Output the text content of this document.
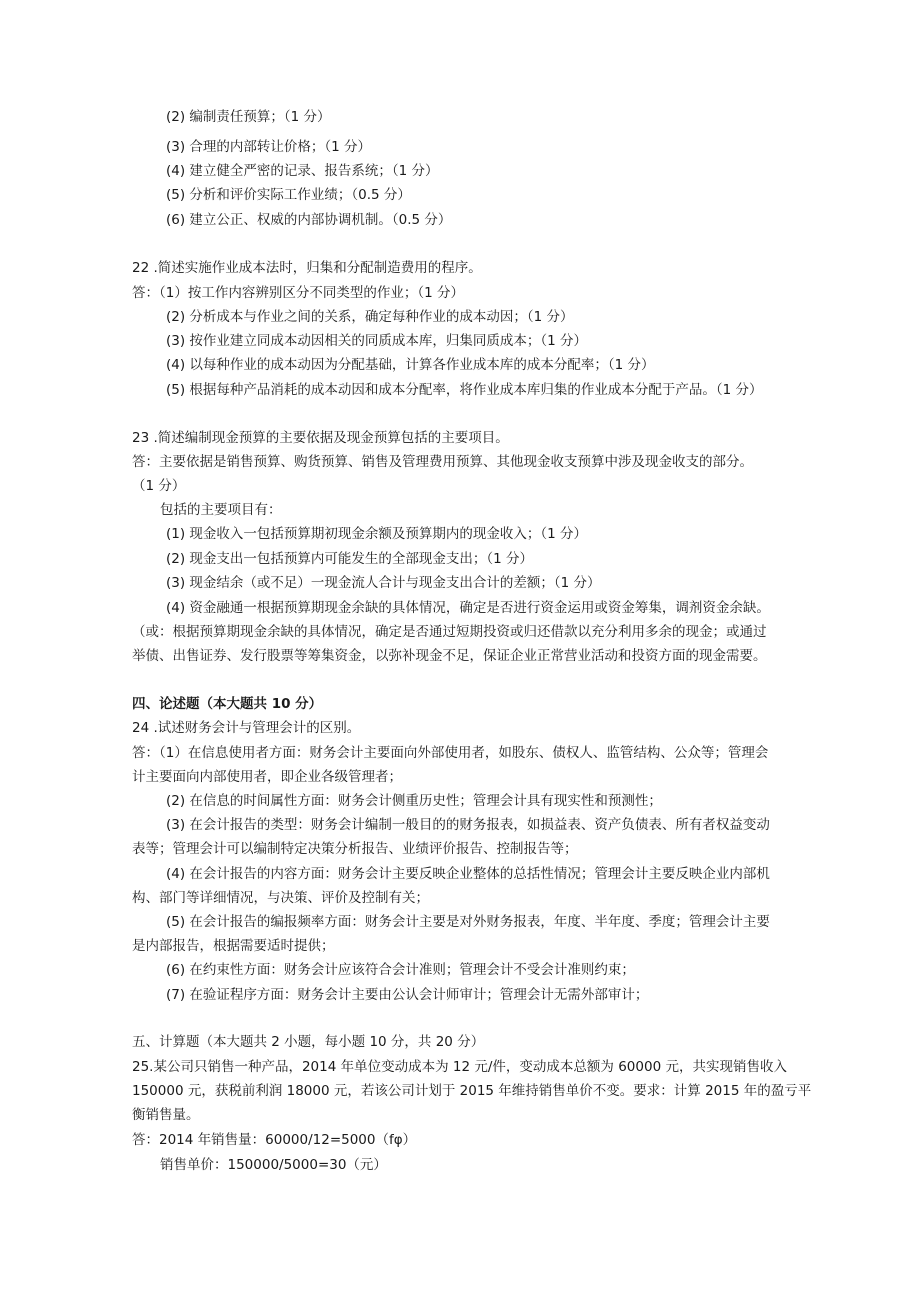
(2) 编制责任预算；（1 分）
(3) 合理的内部转让价格；（1 分）
(4) 建立健全严密的记录、报告系统；（1 分）
(5) 分析和评价实际工作业绩；（0.5 分）
(6) 建立公正、权威的内部协调机制。（0.5 分）
22 .简述实施作业成本法时，归集和分配制造费用的程序。
答：（1）按工作内容辨别区分不同类型的作业；（1 分）
(2) 分析成本与作业之间的关系，确定每种作业的成本动因；（1 分）
(3) 按作业建立同成本动因相关的同质成本库，归集同质成本；（1 分）
(4) 以每种作业的成本动因为分配基础，计算各作业成本库的成本分配率；（1 分）
(5) 根据每种产品消耗的成本动因和成本分配率，将作业成本库归集的作业成本分配于产品。（1 分）
23 .简述编制现金预算的主要依据及现金预算包括的主要项目。
答：主要依据是销售预算、购货预算、销售及管理费用预算、其他现金收支预算中涉及现金收支的部分。
（1 分）
包括的主要项目有：
(1) 现金收入一包括预算期初现金余额及预算期内的现金收入；（1 分）
(2) 现金支出一包括预算内可能发生的全部现金支出；（1 分）
(3) 现金结余（或不足）一现金流人合计与现金支出合计的差额；（1 分）
(4) 资金融通一根据预算期现金余缺的具体情况，确定是否进行资金运用或资金筹集，调剂资金余缺。
（或：根据预算期现金余缺的具体情况，确定是否通过短期投资或归还借款以充分利用多余的现金；或通过
举债、出售证券、发行股票等筹集资金，以弥补现金不足，保证企业正常营业活动和投资方面的现金需要。
四、论述题（本大题共 10 分）
24 .试述财务会计与管理会计的区别。
答：（1）在信息使用者方面：财务会计主要面向外部使用者，如股东、债权人、监管结构、公众等；管理会
计主要面向内部使用者，即企业各级管理者；
(2) 在信息的时间属性方面：财务会计侧重历史性；管理会计具有现实性和预测性；
(3) 在会计报告的类型：财务会计编制一般目的的财务报表，如损益表、资产负债表、所有者权益变动
表等；管理会计可以编制特定决策分析报告、业绩评价报告、控制报告等；
(4) 在会计报告的内容方面：财务会计主要反映企业整体的总括性情况；管理会计主要反映企业内部机
构、部门等详细情况，与决策、评价及控制有关；
(5) 在会计报告的编报频率方面：财务会计主要是对外财务报表，年度、半年度、季度；管理会计主要
是内部报告，根据需要适时提供；
(6) 在约束性方面：财务会计应该符合会计准则；管理会计不受会计准则约束；
(7) 在验证程序方面：财务会计主要由公认会计师审计；管理会计无需外部审计；
五、计算题（本大题共 2 小题，每小题 10 分，共 20 分）
25.某公司只销售一种产品，2014 年单位变动成本为 12 元/件，变动成本总额为 60000 元，共实现销售收入
150000 元，获税前利润 18000 元，若该公司计划于 2015 年维持销售单价不变。要求：计算 2015 年的盈亏平
衡销售量。
答：2014 年销售量：60000/12=5000（fφ）
销售单价：150000/5000=30（元）
